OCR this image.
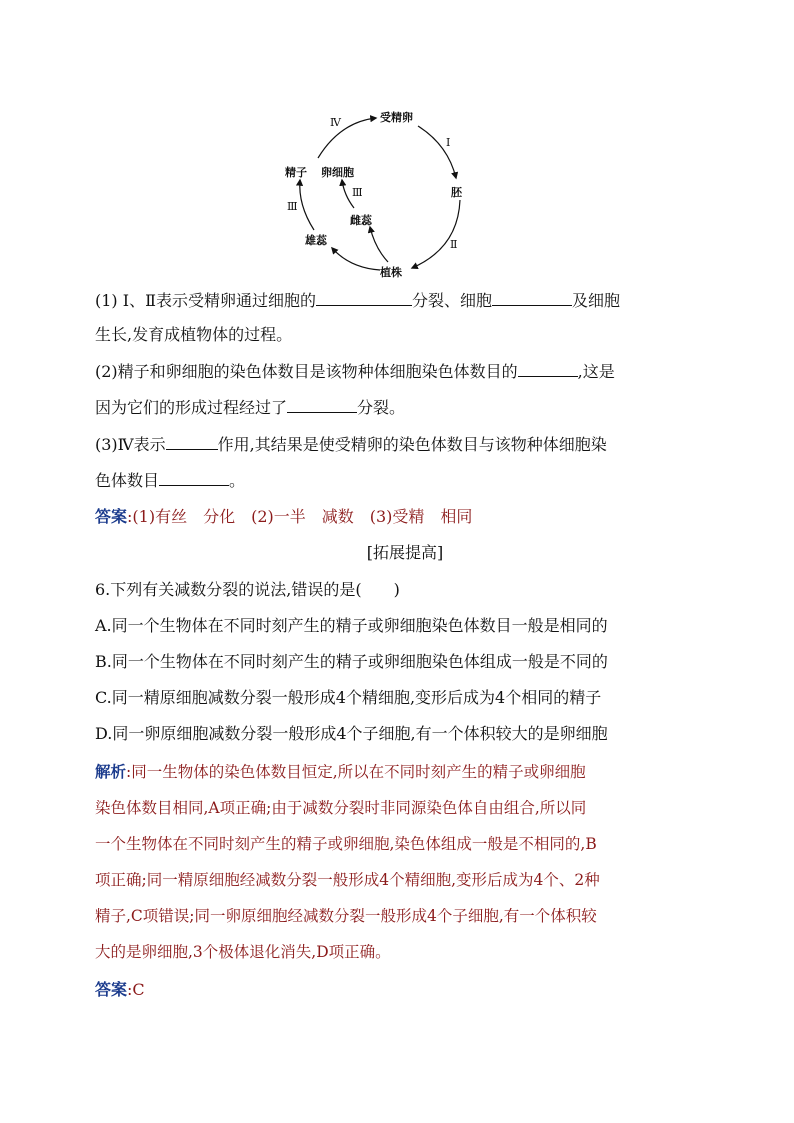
受精卵
胚
植株
雄蕊
雌蕊
精子 卵细胞
Ⅰ
Ⅱ
Ⅲ
Ⅲ
Ⅳ
(1) Ⅰ、Ⅱ表示受精卵通过细胞的	分裂、细胞	及细胞
生长,发育成植物体的过程。
(2)精子和卵细胞的染色体数目是该物种体细胞染色体数目的	,这是
因为它们的形成过程经过了	分裂。
(3)Ⅳ表示	作用,其结果是使受精卵的染色体数目与该物种体细胞染
色体数目	。
答案:(1)有丝　分化　(2)一半　减数　(3)受精　相同
[拓展提高]
6.下列有关减数分裂的说法,错误的是(　　)
A.同一个生物体在不同时刻产生的精子或卵细胞染色体数目一般是相同的
B.同一个生物体在不同时刻产生的精子或卵细胞染色体组成一般是不同的
C.同一精原细胞减数分裂一般形成4个精细胞,变形后成为4个相同的精子
D.同一卵原细胞减数分裂一般形成4个子细胞,有一个体积较大的是卵细胞
解析:同一生物体的染色体数目恒定,所以在不同时刻产生的精子或卵细胞
染色体数目相同,A项正确;由于减数分裂时非同源染色体自由组合,所以同
一个生物体在不同时刻产生的精子或卵细胞,染色体组成一般是不相同的,B
项正确;同一精原细胞经减数分裂一般形成4个精细胞,变形后成为4个、2种
精子,C项错误;同一卵原细胞经减数分裂一般形成4个子细胞,有一个体积较
大的是卵细胞,3个极体退化消失,D项正确。
答案:C
